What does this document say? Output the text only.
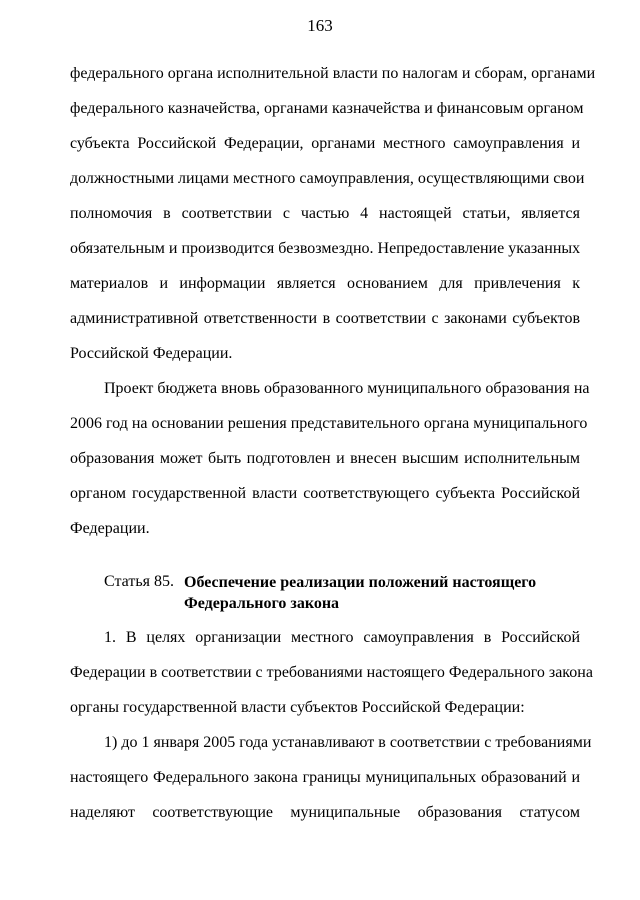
163
федерального органа исполнительной власти по налогам и сборам, органами
федерального казначейства, органами казначейства и финансовым органом
субъекта Российской Федерации, органами местного самоуправления и
должностными лицами местного самоуправления, осуществляющими свои
полномочия в соответствии с частью 4 настоящей статьи, является
обязательным и производится безвозмездно. Непредоставление указанных
материалов и информации является основанием для привлечения к
административной ответственности в соответствии с законами субъектов
Российской Федерации.
Проект бюджета вновь образованного муниципального образования на
2006 год на основании решения представительного органа муниципального
образования может быть подготовлен и внесен высшим исполнительным
органом государственной власти соответствующего субъекта Российской
Федерации.
Статья 85. Обеспечение реализации положений настоящего
Федерального закона
1. В целях организации местного самоуправления в Российской
Федерации в соответствии с требованиями настоящего Федерального закона
органы государственной власти субъектов Российской Федерации:
1) до 1 января 2005 года устанавливают в соответствии с требованиями
настоящего Федерального закона границы муниципальных образований и
наделяют соответствующие муниципальные образования статусом
